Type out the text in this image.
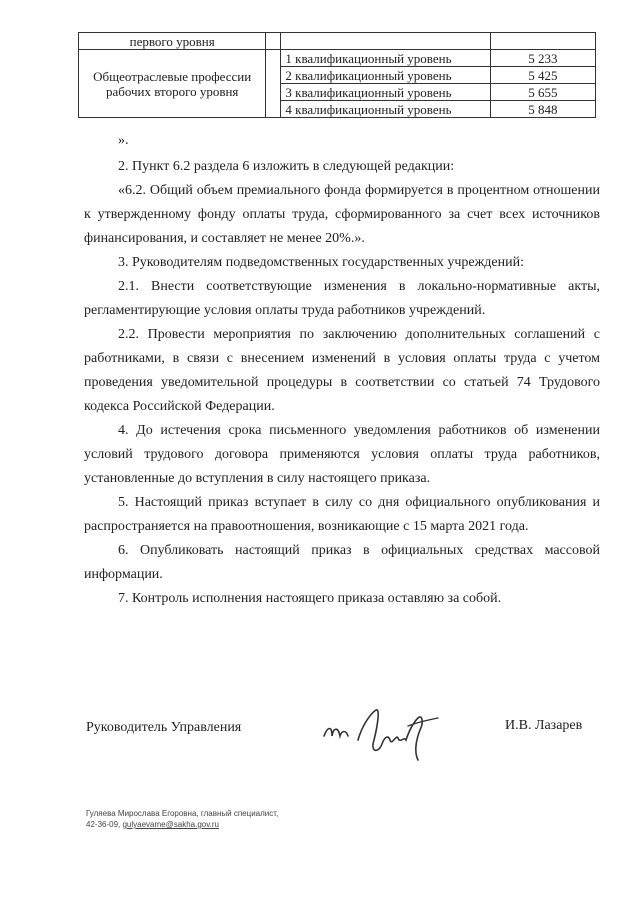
первого уровня			
Общеотраслевые профессии рабочих второго уровня		1 квалификационный уровень	5 233
		2 квалификационный уровень	5 425
		3 квалификационный уровень	5 655
		4 квалификационный уровень	5 848
».

2. Пункт 6.2 раздела 6 изложить в следующей редакции:

«6.2. Общий объем премиального фонда формируется в процентном отношении к утвержденному фонду оплаты труда, сформированного за счет всех источников финансирования, и составляет не менее 20%.».

3. Руководителям подведомственных государственных учреждений:

2.1. Внести соответствующие изменения в локально-нормативные акты, регламентирующие условия оплаты труда работников учреждений.

2.2. Провести мероприятия по заключению дополнительных соглашений с работниками, в связи с внесением изменений в условия оплаты труда с учетом проведения уведомительной процедуры в соответствии со статьей 74 Трудового кодекса Российской Федерации.

4. До истечения срока письменного уведомления работников об изменении условий трудового договора применяются условия оплаты труда работников, установленные до вступления в силу настоящего приказа.

5. Настоящий приказ вступает в силу со дня официального опубликования и распространяется на правоотношения, возникающие с 15 марта 2021 года.

6. Опубликовать настоящий приказ в официальных средствах массовой информации.

7. Контроль исполнения настоящего приказа оставляю за собой.

Руководитель Управления	И.В. Лазарев
Гуляева Мирослава Егоровна, главный специалист,
42-36-09, gulyaevame@sakha.gov.ru
